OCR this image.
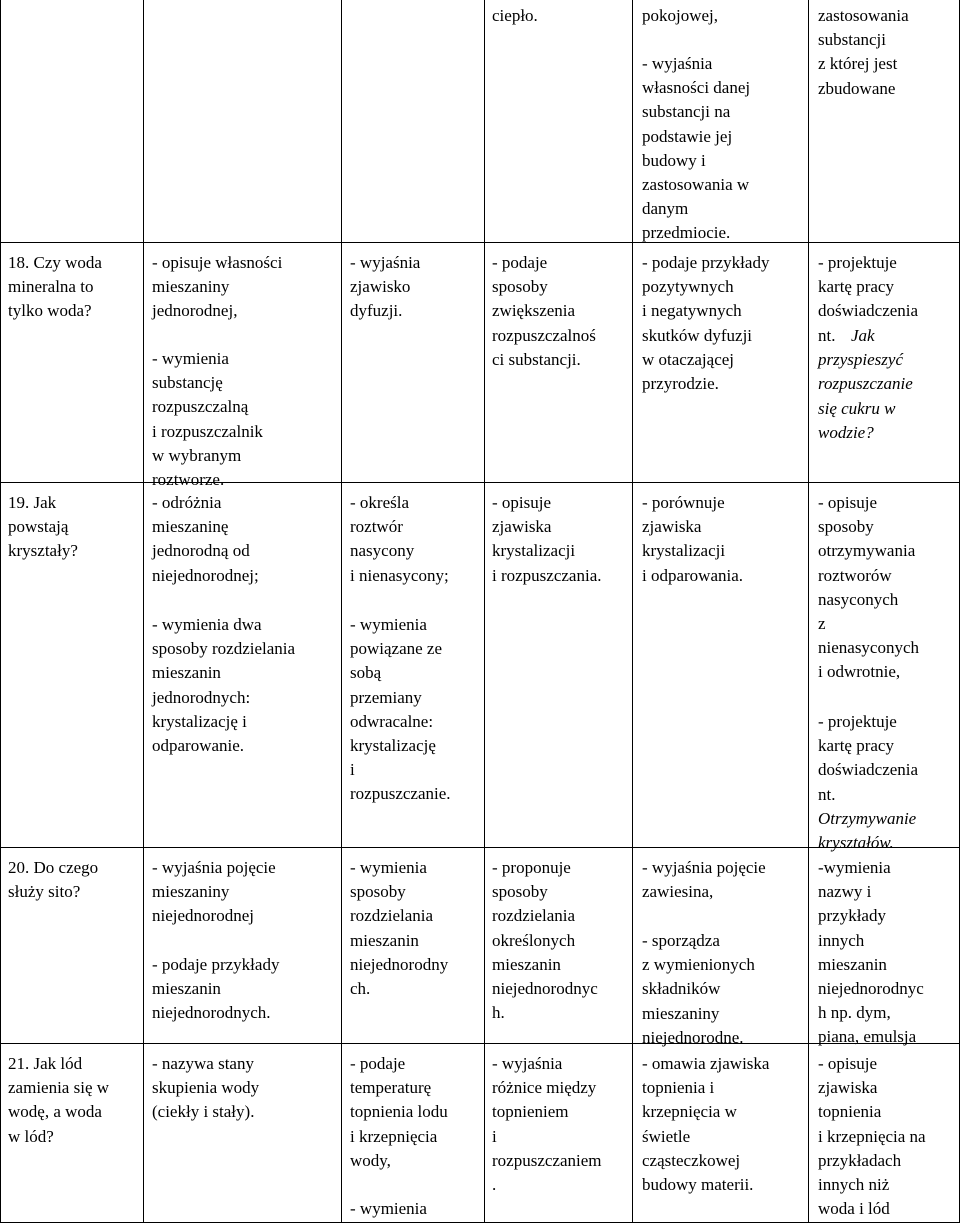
18. Czy woda
mineralna to
tylko woda?
19. Jak
powstają
kryształy?
20. Do czego
służy sito?
21. Jak lód
zamienia się w
wodę, a woda
w lód?
- opisuje własności
mieszaniny
jednorodnej,
- wymienia
substancję
rozpuszczalną
i rozpuszczalnik
w wybranym
roztworze.
- odróżnia
mieszaninę
jednorodną od
niejednorodnej;
- wymienia dwa
sposoby rozdzielania
mieszanin
jednorodnych:
krystalizację i
odparowanie.
- wyjaśnia pojęcie
mieszaniny
niejednorodnej
- podaje przykłady
mieszanin
niejednorodnych.
- nazywa stany
skupienia wody
(ciekły i stały).
- wyjaśnia
zjawisko
dyfuzji.
- określa
roztwór
nasycony
i nienasycony;
- wymienia
powiązane ze
sobą
przemiany
odwracalne:
krystalizację
i
rozpuszczanie.
- wymienia
sposoby
rozdzielania
mieszanin
niejednorodny
ch.
- podaje
temperaturę
topnienia lodu
i krzepnięcia
wody,
- wymienia
ciepło.
- podaje
sposoby
zwiększenia
rozpuszczalnoś
ci substancji.
- opisuje
zjawiska
krystalizacji
i rozpuszczania.
- proponuje
sposoby
rozdzielania
określonych
mieszanin
niejednorodnyc
h.
- wyjaśnia
różnice między
topnieniem
i
rozpuszczaniem
.
pokojowej,
- wyjaśnia
własności danej
substancji na
podstawie jej
budowy i
zastosowania w
danym
przedmiocie.
- podaje przykłady
pozytywnych
i negatywnych
skutków dyfuzji
w otaczającej
przyrodzie.
- porównuje
zjawiska
krystalizacji
i odparowania.
- wyjaśnia pojęcie
zawiesina,
- sporządza
z wymienionych
składników
mieszaniny
niejednorodne.
- omawia zjawiska
topnienia i
krzepnięcia w
świetle
cząsteczkowej
budowy materii.
zastosowania
substancji
z której jest
zbudowane
- projektuje
kartę pracy
doświadczenia
nt. Jak
przyspieszyć
rozpuszczanie
się cukru w
wodzie?
- opisuje
sposoby
otrzymywania
roztworów
nasyconych
z
nienasyconych
i odwrotnie,
- projektuje
kartę pracy
doświadczenia
nt.
Otrzymywanie
kryształów.
-wymienia
nazwy i
przykłady
innych
mieszanin
niejednorodnyc
h np. dym,
piana, emulsja
- opisuje
zjawiska
topnienia
i krzepnięcia na
przykładach
innych niż
woda i lód
